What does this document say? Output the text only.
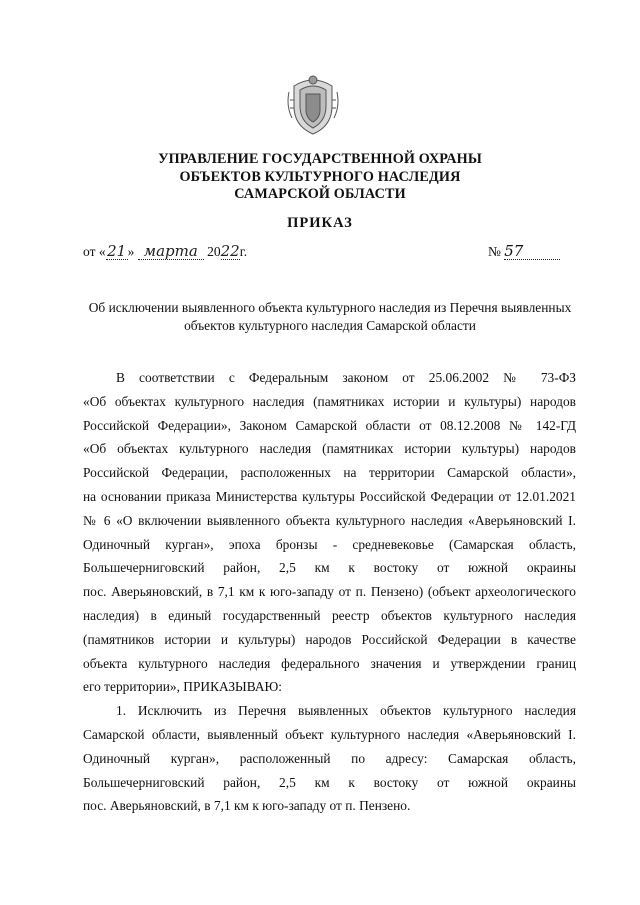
УПРАВЛЕНИЕ ГОСУДАРСТВЕННОЙ ОХРАНЫ
ОБЪЕКТОВ КУЛЬТУРНОГО НАСЛЕДИЯ
САМАРСКОЙ ОБЛАСТИ
ПРИКАЗ
от «21» марта 2022г.	№ 57
Об исключении выявленного объекта культурного наследия из Перечня выявленных
объектов культурного наследия Самарской области
В соответствии с Федеральным законом от 25.06.2002 № 73-ФЗ
«Об объектах культурного наследия (памятниках истории и культуры) народов
Российской Федерации», Законом Самарской области от 08.12.2008 № 142-ГД
«Об объектах культурного наследия (памятниках истории культуры) народов
Российской Федерации, расположенных на территории Самарской области»,
на основании приказа Министерства культуры Российской Федерации от 12.01.2021
№ 6 «О включении выявленного объекта культурного наследия «Аверьяновский I.
Одиночный курган», эпоха бронзы - средневековье (Самарская область,
Большечерниговский район, 2,5 км к востоку от южной окраины
пос. Аверьяновский, в 7,1 км к юго-западу от п. Пензено) (объект археологического
наследия) в единый государственный реестр объектов культурного наследия
(памятников истории и культуры) народов Российской Федерации в качестве
объекта культурного наследия федерального значения и утверждении границ
его территории», ПРИКАЗЫВАЮ:
1. Исключить из Перечня выявленных объектов культурного наследия
Самарской области, выявленный объект культурного наследия «Аверьяновский I.
Одиночный курган», расположенный по адресу: Самарская область,
Большечерниговский район, 2,5 км к востоку от южной окраины
пос. Аверьяновский, в 7,1 км к юго-западу от п. Пензено.
